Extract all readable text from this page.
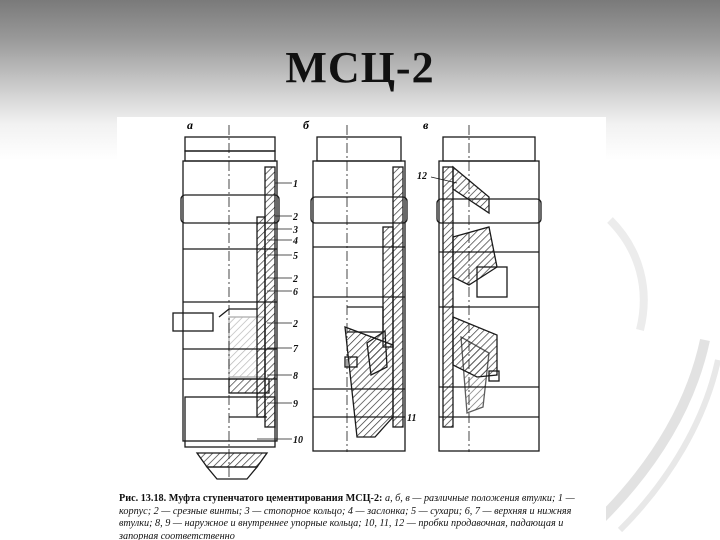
МСЦ-2
а	б	в
1
2
3
4
5
2
6
2
7
8
9
10
11
12
Рис. 13.18. Муфта ступенчатого цементирования МСЦ-2: а, б, в — различные положения втулки; 1 — корпус; 2 — срезные винты; 3 — стопорное кольцо; 4 — заслонка; 5 — сухари; 6, 7 — верхняя и нижняя втулки; 8, 9 — наружное и внутреннее упорные кольца; 10, 11, 12 — пробки продавочная, падающая и запорная соответственно
